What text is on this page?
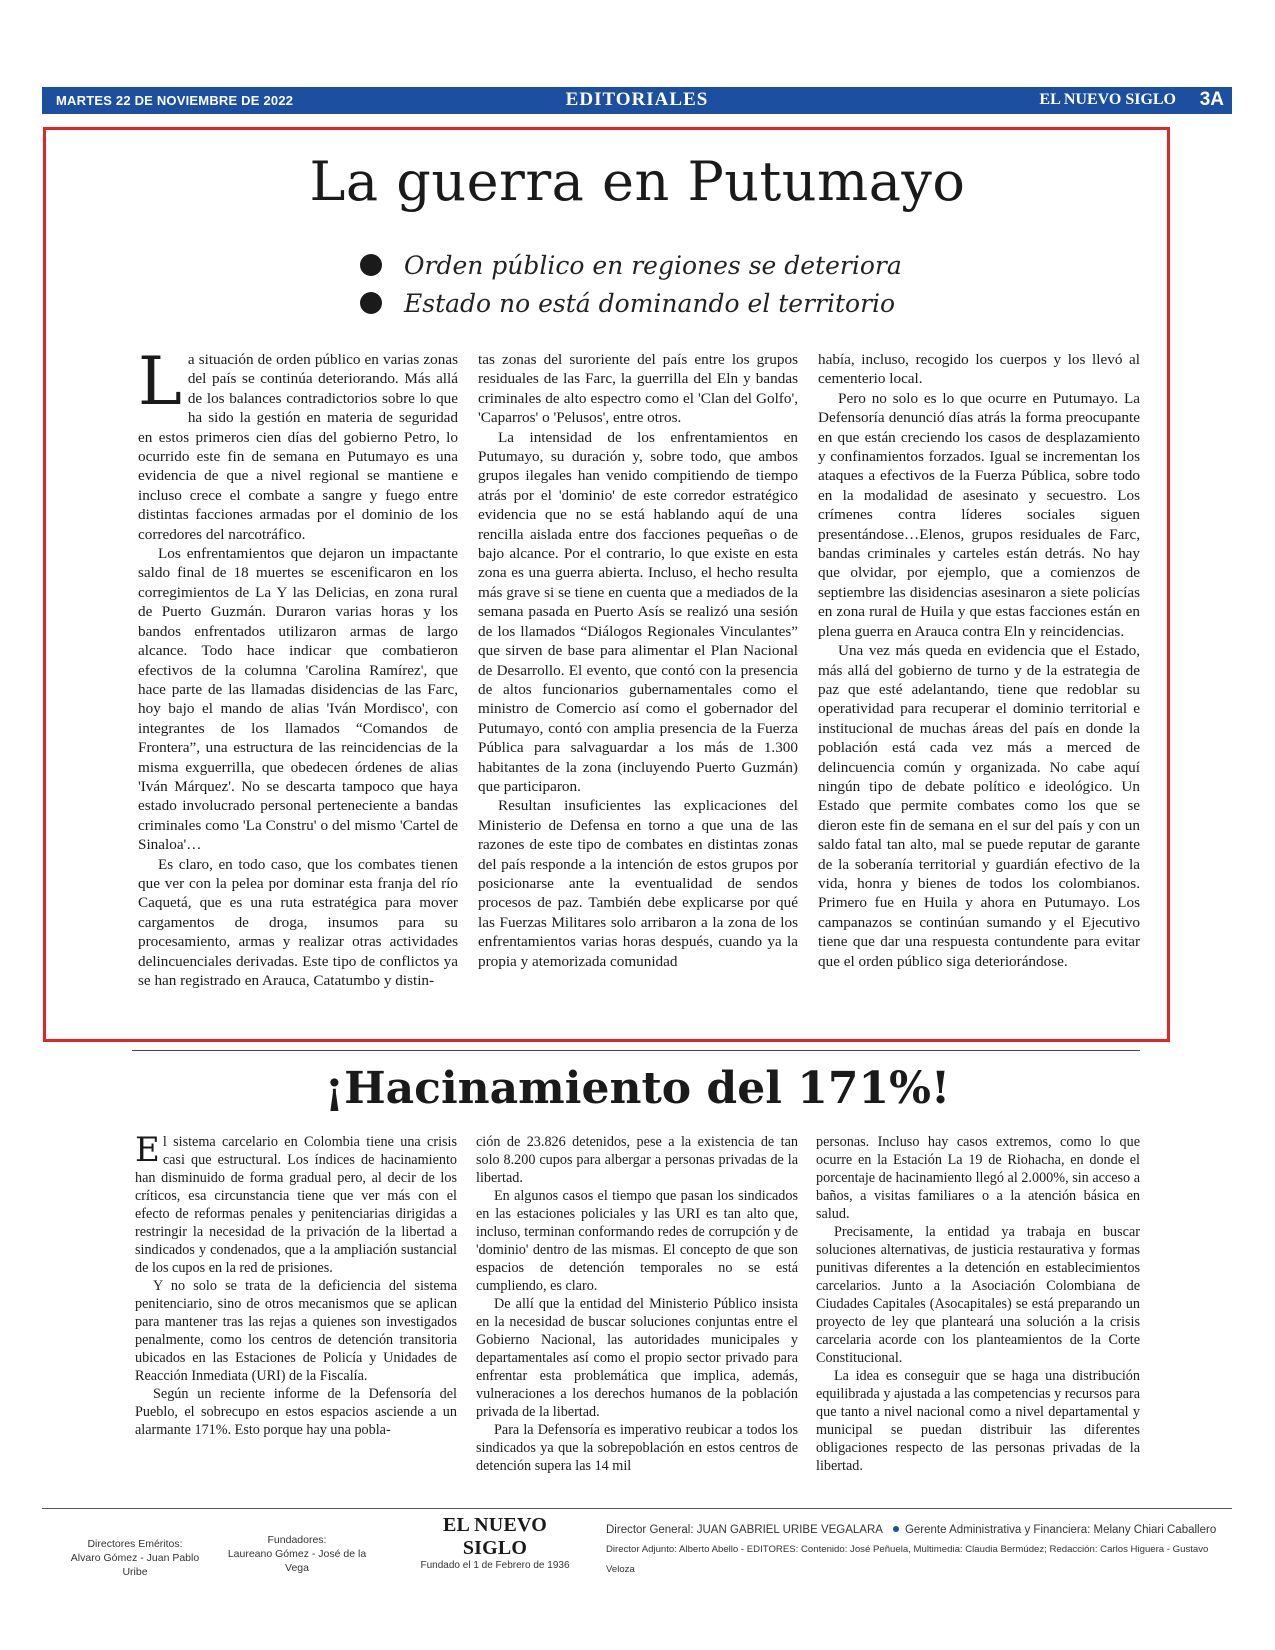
MARTES 22 DE NOVIEMBRE DE 2022	EDITORIALES	EL NUEVO SIGLO 3A
La guerra en Putumayo
Orden público en regiones se deteriora
Estado no está dominando el territorio

La situación de orden público en varias zonas del país se continúa deteriorando. Más allá de los balances contradictorios sobre lo que ha sido la gestión en materia de seguridad en estos primeros cien días del gobierno Petro, lo ocurrido este fin de semana en Putumayo es una evidencia de que a nivel regional se mantiene e incluso crece el combate a sangre y fuego entre distintas facciones armadas por el dominio de los corredores del narcotráfico.

Los enfrentamientos que dejaron un impactante saldo final de 18 muertes se escenificaron en los corregimientos de La Y las Delicias, en zona rural de Puerto Guzmán. Duraron varias horas y los bandos enfrentados utilizaron armas de largo alcance. Todo hace indicar que combatieron efectivos de la columna 'Carolina Ramírez', que hace parte de las llamadas disidencias de las Farc, hoy bajo el mando de alias 'Iván Mordisco', con integrantes de los llamados “Comandos de Frontera”, una estructura de las reincidencias de la misma exguerrilla, que obedecen órdenes de alias 'Iván Márquez'. No se descarta tampoco que haya estado involucrado personal perteneciente a bandas criminales como 'La Constru' o del mismo 'Cartel de Sinaloa'…

Es claro, en todo caso, que los combates tienen que ver con la pelea por dominar esta franja del río Caquetá, que es una ruta estratégica para mover cargamentos de droga, insumos para su procesamiento, armas y realizar otras actividades delincuenciales derivadas. Este tipo de conflictos ya se han registrado en Arauca, Catatumbo y distin-

tas zonas del suroriente del país entre los grupos residuales de las Farc, la guerrilla del Eln y bandas criminales de alto espectro como el 'Clan del Golfo', 'Caparros' o 'Pelusos', entre otros.

La intensidad de los enfrentamientos en Putumayo, su duración y, sobre todo, que ambos grupos ilegales han venido compitiendo de tiempo atrás por el 'dominio' de este corredor estratégico evidencia que no se está hablando aquí de una rencilla aislada entre dos facciones pequeñas o de bajo alcance. Por el contrario, lo que existe en esta zona es una guerra abierta. Incluso, el hecho resulta más grave si se tiene en cuenta que a mediados de la semana pasada en Puerto Asís se realizó una sesión de los llamados “Diálogos Regionales Vinculantes” que sirven de base para alimentar el Plan Nacional de Desarrollo. El evento, que contó con la presencia de altos funcionarios gubernamentales como el ministro de Comercio así como el gobernador del Putumayo, contó con amplia presencia de la Fuerza Pública para salvaguardar a los más de 1.300 habitantes de la zona (incluyendo Puerto Guzmán) que participaron.

Resultan insuficientes las explicaciones del Ministerio de Defensa en torno a que una de las razones de este tipo de combates en distintas zonas del país responde a la intención de estos grupos por posicionarse ante la eventualidad de sendos procesos de paz. También debe explicarse por qué las Fuerzas Militares solo arribaron a la zona de los enfrentamientos varias horas después, cuando ya la propia y atemorizada comunidad

había, incluso, recogido los cuerpos y los llevó al cementerio local.

Pero no solo es lo que ocurre en Putumayo. La Defensoría denunció días atrás la forma preocupante en que están creciendo los casos de desplazamiento y confinamientos forzados. Igual se incrementan los ataques a efectivos de la Fuerza Pública, sobre todo en la modalidad de asesinato y secuestro. Los crímenes contra líderes sociales siguen presentándose…Elenos, grupos residuales de Farc, bandas criminales y carteles están detrás. No hay que olvidar, por ejemplo, que a comienzos de septiembre las disidencias asesinaron a siete policías en zona rural de Huila y que estas facciones están en plena guerra en Arauca contra Eln y reincidencias.

Una vez más queda en evidencia que el Estado, más allá del gobierno de turno y de la estrategia de paz que esté adelantando, tiene que redoblar su operatividad para recuperar el dominio territorial e institucional de muchas áreas del país en donde la población está cada vez más a merced de delincuencia común y organizada. No cabe aquí ningún tipo de debate político e ideológico. Un Estado que permite combates como los que se dieron este fin de semana en el sur del país y con un saldo fatal tan alto, mal se puede reputar de garante de la soberanía territorial y guardián efectivo de la vida, honra y bienes de todos los colombianos. Primero fue en Huila y ahora en Putumayo. Los campanazos se continúan sumando y el Ejecutivo tiene que dar una respuesta contundente para evitar que el orden público siga deteriorándose.

¡Hacinamiento del 171%!

El sistema carcelario en Colombia tiene una crisis casi que estructural. Los índices de hacinamiento han disminuido de forma gradual pero, al decir de los críticos, esa circunstancia tiene que ver más con el efecto de reformas penales y penitenciarias dirigidas a restringir la necesidad de la privación de la libertad a sindicados y condenados, que a la ampliación sustancial de los cupos en la red de prisiones.

Y no solo se trata de la deficiencia del sistema penitenciario, sino de otros mecanismos que se aplican para mantener tras las rejas a quienes son investigados penalmente, como los centros de detención transitoria ubicados en las Estaciones de Policía y Unidades de Reacción Inmediata (URI) de la Fiscalía.

Según un reciente informe de la Defensoría del Pueblo, el sobrecupo en estos espacios asciende a un alarmante 171%. Esto porque hay una pobla-

ción de 23.826 detenidos, pese a la existencia de tan solo 8.200 cupos para albergar a personas privadas de la libertad.

En algunos casos el tiempo que pasan los sindicados en las estaciones policiales y las URI es tan alto que, incluso, terminan conformando redes de corrupción y de 'dominio' dentro de las mismas. El concepto de que son espacios de detención temporales no se está cumpliendo, es claro.

De allí que la entidad del Ministerio Público insista en la necesidad de buscar soluciones conjuntas entre el Gobierno Nacional, las autoridades municipales y departamentales así como el propio sector privado para enfrentar esta problemática que implica, además, vulneraciones a los derechos humanos de la población privada de la libertad.

Para la Defensoría es imperativo reubicar a todos los sindicados ya que la sobrepoblación en estos centros de detención supera las 14 mil

personas. Incluso hay casos extremos, como lo que ocurre en la Estación La 19 de Riohacha, en donde el porcentaje de hacinamiento llegó al 2.000%, sin acceso a baños, a visitas familiares o a la atención básica en salud.

Precisamente, la entidad ya trabaja en buscar soluciones alternativas, de justicia restaurativa y formas punitivas diferentes a la detención en establecimientos carcelarios. Junto a la Asociación Colombiana de Ciudades Capitales (Asocapitales) se está preparando un proyecto de ley que planteará una solución a la crisis carcelaria acorde con los planteamientos de la Corte Constitucional.

La idea es conseguir que se haga una distribución equilibrada y ajustada a las competencias y recursos para que tanto a nivel nacional como a nivel departamental y municipal se puedan distribuir las diferentes obligaciones respecto de las personas privadas de la libertad.

Directores Eméritos:
Alvaro Gómez - Juan Pablo Uribe
Fundadores:
Laureano Gómez - José de la Vega
EL NUEVO SIGLO
Fundado el 1 de Febrero de 1936
Director General: JUAN GABRIEL URIBE VEGALARA Gerente Administrativa y Financiera: Melany Chiari Caballero
Director Adjunto: Alberto Abello - EDITORES: Contenido: José Peñuela, Multimedia: Claudia Bermúdez; Redacción: Carlos Higuera - Gustavo Veloza
